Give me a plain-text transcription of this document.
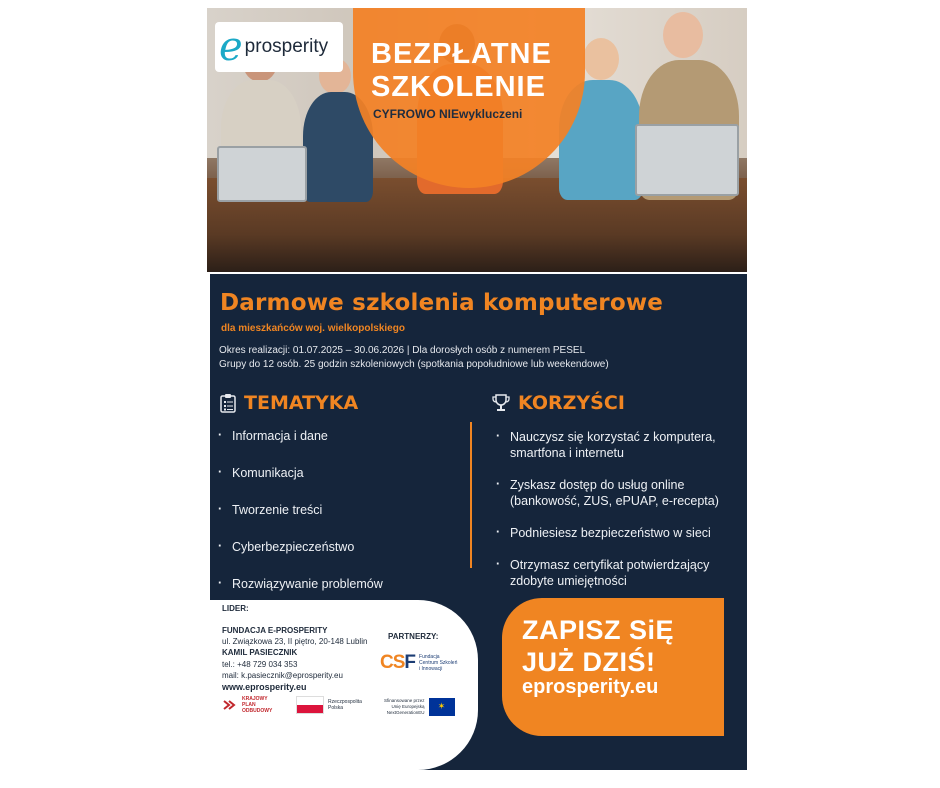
e prosperity BEZPŁATNE
SZKOLENIE
CYFROWO NIEwykluczeni
Darmowe szkolenia komputerowe
dla mieszkańców woj. wielkopolskiego
Okres realizacji: 01.07.2025 – 30.06.2026 | Dla dorosłych osób z numerem PESEL
Grupy do 12 osób. 25 godzin szkoleniowych (spotkania popołudniowe lub weekendowe)
TEMATYKA	KORZYŚCI
· Informacja i dane
· Komunikacja
· Tworzenie treści
· Cyberbezpieczeństwo
· Rozwiązywanie problemów
· Nauczysz się korzystać z komputera, smartfona i internetu
· Zyskasz dostęp do usług online (bankowość, ZUS, ePUAP, e-recepta)
· Podniesiesz bezpieczeństwo w sieci
· Otrzymasz certyfikat potwierdzający zdobyte umiejętności
LIDER:
FUNDACJA E-PROSPERITY
ul. Związkowa 23, II piętro, 20-148 Lublin
KAMIL PASIECZNIK
tel.: +48 729 034 353
mail: k.pasiecznik@eprosperity.eu
www.eprosperity.eu
PARTNERZY:
CSF Fundacja
Centrum Szkoleń
i Innowacji
KRAJOWY
PLAN
ODBUDOWY
Rzeczpospolita
Polska
Sfinansowane przez
Unię Europejską
NextGenerationEU
✶
ZAPISZ SiĘ
JUŻ DZIŚ!
eprosperity.eu
